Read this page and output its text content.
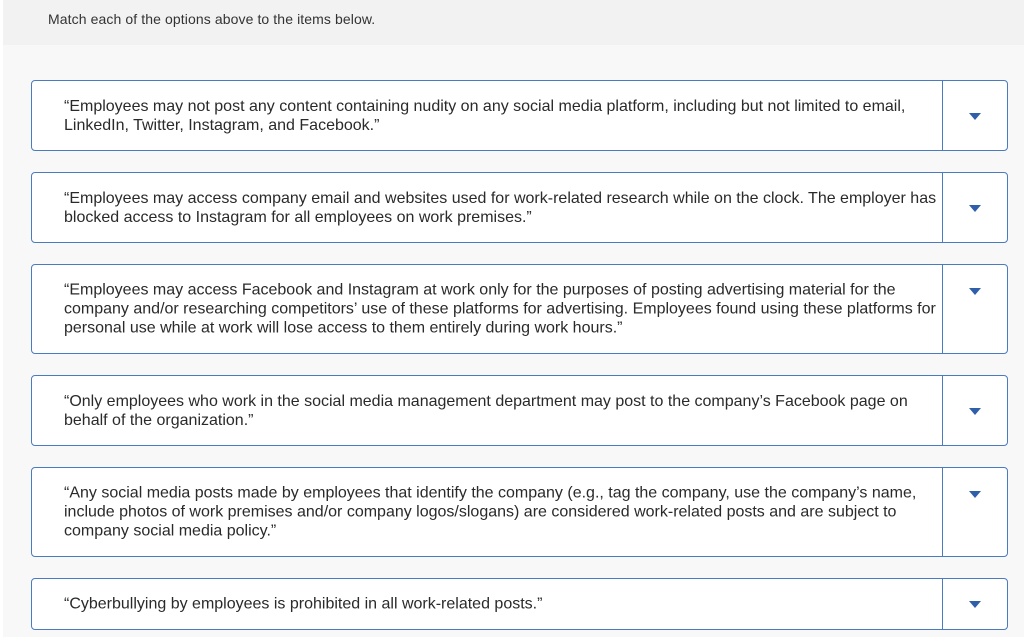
Match each of the options above to the items below.
“Employees may not post any content containing nudity on any social media platform, including but not limited to email, LinkedIn, Twitter, Instagram, and Facebook.”
“Employees may access company email and websites used for work-related research while on the clock. The employer has blocked access to Instagram for all employees on work premises.”
“Employees may access Facebook and Instagram at work only for the purposes of posting advertising material for the company and/or researching competitors’ use of these platforms for advertising. Employees found using these platforms for personal use while at work will lose access to them entirely during work hours.”
“Only employees who work in the social media management department may post to the company’s Facebook page on behalf of the organization.”
“Any social media posts made by employees that identify the company (e.g., tag the company, use the company’s name, include photos of work premises and/or company logos/slogans) are considered work-related posts and are subject to company social media policy.”
“Cyberbullying by employees is prohibited in all work-related posts.”
